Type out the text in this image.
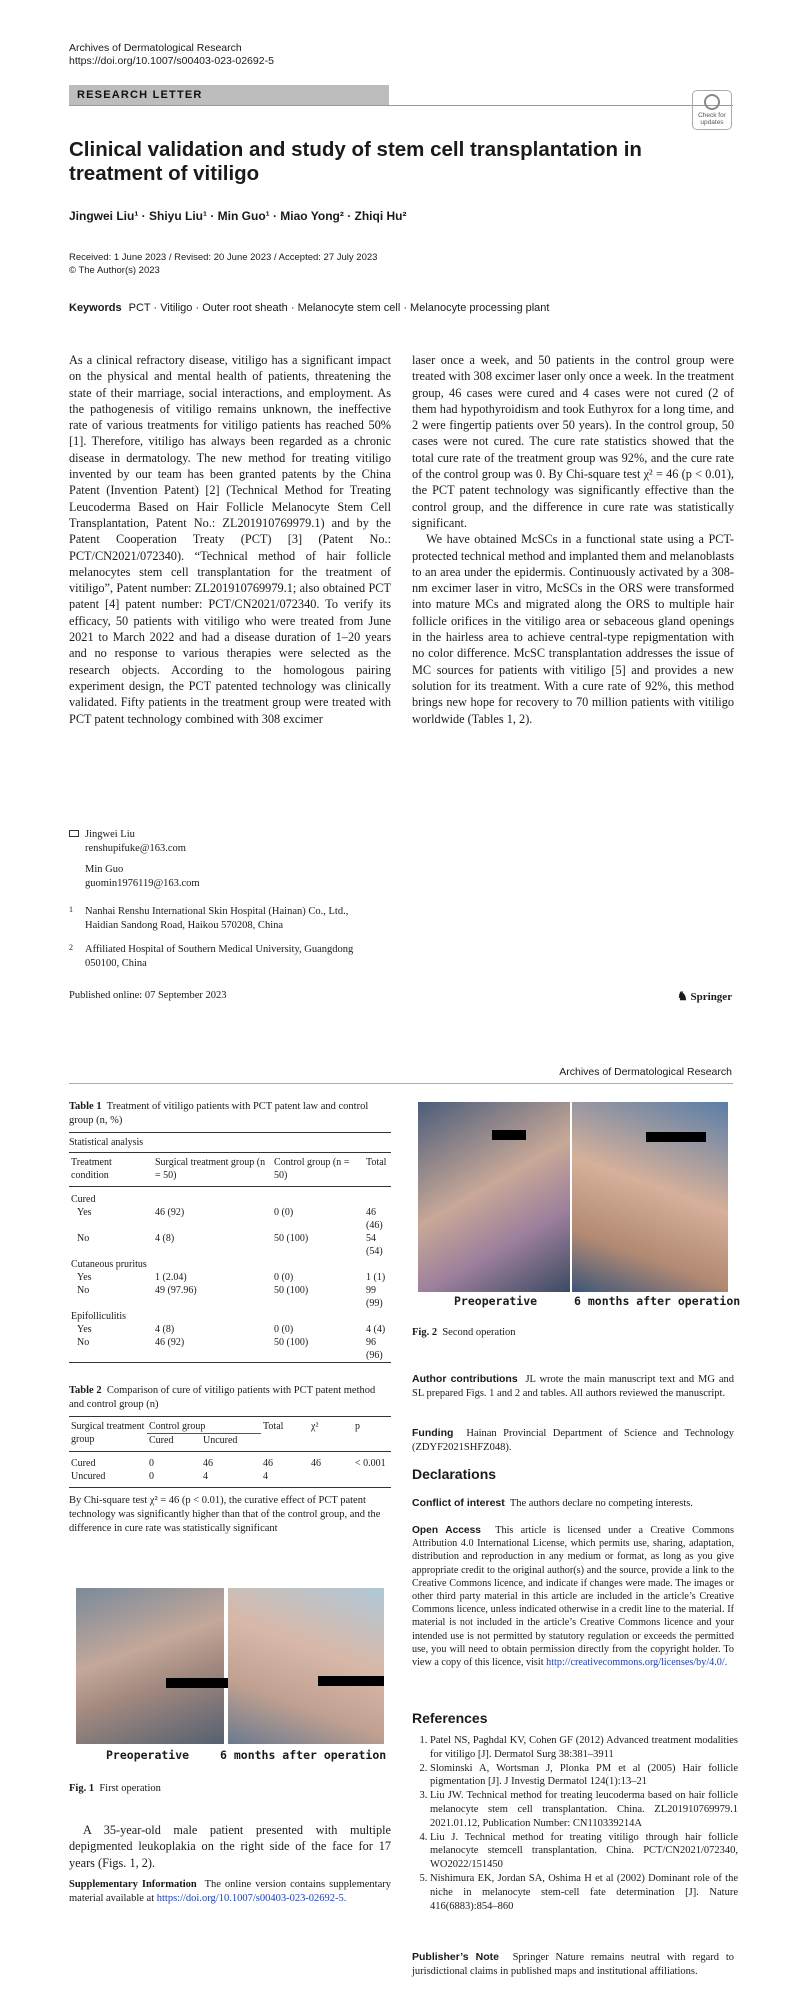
Archives of Dermatological Research
https://doi.org/10.1007/s00403-023-02692-5
RESEARCH LETTER
Check for updates
Clinical validation and study of stem cell transplantation in treatment of vitiligo
Jingwei Liu¹ · Shiyu Liu¹ · Min Guo¹ · Miao Yong² · Zhiqi Hu²
Received: 1 June 2023 / Revised: 20 June 2023 / Accepted: 27 July 2023
© The Author(s) 2023
Keywords PCT · Vitiligo · Outer root sheath · Melanocyte stem cell · Melanocyte processing plant
As a clinical refractory disease, vitiligo has a significant impact on the physical and mental health of patients, threatening the state of their marriage, social interactions, and employment. As the pathogenesis of vitiligo remains unknown, the ineffective rate of various treatments for vitiligo patients has reached 50% [1]. Therefore, vitiligo has always been regarded as a chronic disease in dermatology. The new method for treating vitiligo invented by our team has been granted patents by the China Patent (Invention Patent) [2] (Technical Method for Treating Leucoderma Based on Hair Follicle Melanocyte Stem Cell Transplantation, Patent No.: ZL201910769979.1) and by the Patent Cooperation Treaty (PCT) [3] (Patent No.: PCT/CN2021/072340). “Technical method of hair follicle melanocytes stem cell transplantation for the treatment of vitiligo”, Patent number: ZL201910769979.1; also obtained PCT patent [4] patent number: PCT/CN2021/072340. To verify its efficacy, 50 patients with vitiligo who were treated from June 2021 to March 2022 and had a disease duration of 1–20 years and no response to various therapies were selected as the research objects. According to the homologous pairing experiment design, the PCT patented technology was clinically validated. Fifty patients in the treatment group were treated with PCT patent technology combined with 308 excimer

laser once a week, and 50 patients in the control group were treated with 308 excimer laser only once a week. In the treatment group, 46 cases were cured and 4 cases were not cured (2 of them had hypothyroidism and took Euthyrox for a long time, and 2 were fingertip patients over 50 years). In the control group, 50 cases were not cured. The cure rate statistics showed that the total cure rate of the treatment group was 92%, and the cure rate of the control group was 0. By Chi-square test χ² = 46 (p < 0.01), the PCT patent technology was significantly effective than the control group, and the difference in cure rate was statistically significant.

We have obtained McSCs in a functional state using a PCT-protected technical method and implanted them and melanoblasts to an area under the epidermis. Continuously activated by a 308-nm excimer laser in vitro, McSCs in the ORS were transformed into mature MCs and migrated along the ORS to multiple hair follicle orifices in the vitiligo area or sebaceous gland openings in the hairless area to achieve central-type repigmentation with no color difference. McSC transplantation addresses the issue of MC sources for patients with vitiligo [5] and provides a new solution for its treatment. With a cure rate of 92%, this method brings new hope for recovery to 70 million patients with vitiligo worldwide (Tables 1, 2).

Jingwei Liu
renshupifuke@163.com
Min Guo
guomin1976119@163.com
1 Nanhai Renshu International Skin Hospital (Hainan) Co., Ltd., Haidian Sandong Road, Haikou 570208, China
2 Affiliated Hospital of Southern Medical University, Guangdong 050100, China
Published online: 07 September 2023	♞ Springer
Archives of Dermatological Research
Table 1 Treatment of vitiligo patients with PCT patent law and control group (n, %)
Statistical analysis
Treatment condition	Surgical treatment group (n = 50)	Control group (n = 50)	Total
Cured			
Yes	46 (92)	0 (0)	46 (46)
No	4 (8)	50 (100)	54 (54)
Cutaneous pruritus			
Yes	1 (2.04)	0 (0)	1 (1)
No	49 (97.96)	50 (100)	99 (99)
Epifolliculitis			
Yes	4 (8)	0 (0)	4 (4)
No	46 (92)	50 (100)	96 (96)
Table 2 Comparison of cure of vitiligo patients with PCT patent method and control group (n)
Surgical treatment group	Control group		Total	χ²	p
	Cured	Uncured			
Cured	0	46	46	46	< 0.001
Uncured	0	4	4		
By Chi-square test χ² = 46 (p < 0.01), the curative effect of PCT patent technology was significantly higher than that of the control group, and the difference in cure rate was statistically significant
Preoperative	6 months after operation
Fig. 1 First operation
A 35-year-old male patient presented with multiple depigmented leukoplakia on the right side of the face for 17 years (Figs. 1, 2).
Supplementary Information The online version contains supplementary material available at https://doi.org/10.1007/s00403-023-02692-5.
Preoperative	6 months after operation
Fig. 2 Second operation
Author contributions JL wrote the main manuscript text and MG and SL prepared Figs. 1 and 2 and tables. All authors reviewed the manuscript.
Funding Hainan Provincial Department of Science and Technology (ZDYF2021SHFZ048).
Declarations
Conflict of interest The authors declare no competing interests.
Open Access This article is licensed under a Creative Commons Attribution 4.0 International License, which permits use, sharing, adaptation, distribution and reproduction in any medium or format, as long as you give appropriate credit to the original author(s) and the source, provide a link to the Creative Commons licence, and indicate if changes were made. The images or other third party material in this article are included in the article’s Creative Commons licence, unless indicated otherwise in a credit line to the material. If material is not included in the article’s Creative Commons licence and your intended use is not permitted by statutory regulation or exceeds the permitted use, you will need to obtain permission directly from the copyright holder. To view a copy of this licence, visit http://creativecommons.org/licenses/by/4.0/.
References
1. Patel NS, Paghdal KV, Cohen GF (2012) Advanced treatment modalities for vitiligo [J]. Dermatol Surg 38:381–3911
2. Slominski A, Wortsman J, Plonka PM et al (2005) Hair follicle pigmentation [J]. J Investig Dermatol 124(1):13–21
3. Liu JW. Technical method for treating leucoderma based on hair follicle melanocyte stem cell transplantation. China. ZL201910769979.1 2021.01.12, Publication Number: CN110339214A
4. Liu J. Technical method for treating vitiligo through hair follicle melanocyte stemcell transplantation. China. PCT/CN2021/072340, WO2022/151450
5. Nishimura EK, Jordan SA, Oshima H et al (2002) Dominant role of the niche in melanocyte stem-cell fate determination [J]. Nature 416(6883):854–860
Publisher’s Note Springer Nature remains neutral with regard to jurisdictional claims in published maps and institutional affiliations.
